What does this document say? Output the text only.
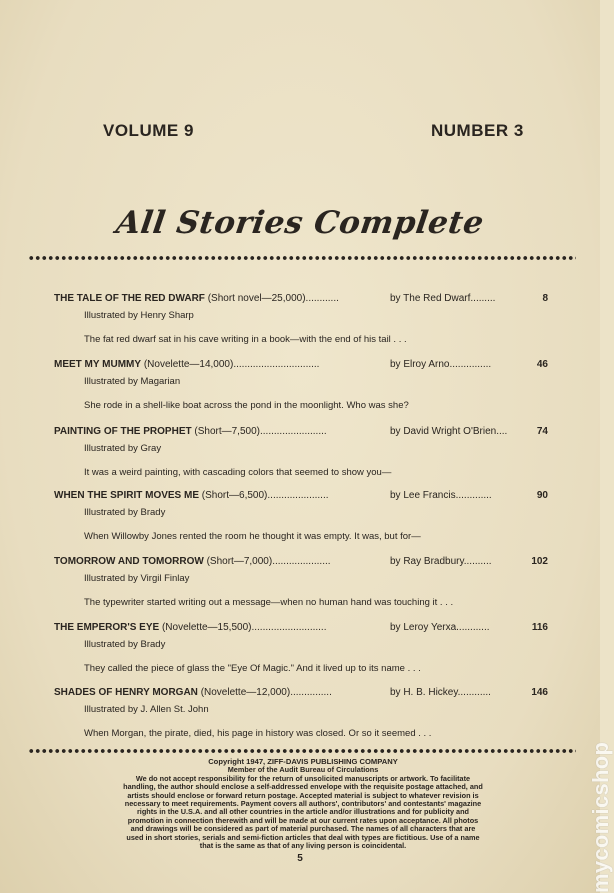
VOLUME 9	NUMBER 3
All Stories Complete
THE TALE OF THE RED DWARF (Short novel—25,000)............	by The Red Dwarf.........	8
Illustrated by Henry Sharp
The fat red dwarf sat in his cave writing in a book—with the end of his tail . . .
MEET MY MUMMY (Novelette—14,000)...............................	by Elroy Arno...............	46
Illustrated by Magarian
She rode in a shell-like boat across the pond in the moonlight. Who was she?
PAINTING OF THE PROPHET (Short—7,500)........................	by David Wright O'Brien....	74
Illustrated by Gray
It was a weird painting, with cascading colors that seemed to show you—
WHEN THE SPIRIT MOVES ME (Short—6,500)......................	by Lee Francis.............	90
Illustrated by Brady
When Willowby Jones rented the room he thought it was empty. It was, but for—
TOMORROW AND TOMORROW (Short—7,000).....................	by Ray Bradbury..........	102
Illustrated by Virgil Finlay
The typewriter started writing out a message—when no human hand was touching it . . .
THE EMPEROR'S EYE (Novelette—15,500)...........................	by Leroy Yerxa............	116
Illustrated by Brady
They called the piece of glass the "Eye Of Magic." And it lived up to its name . . .
SHADES OF HENRY MORGAN (Novelette—12,000)...............	by H. B. Hickey............	146
Illustrated by J. Allen St. John
When Morgan, the pirate, died, his page in history was closed. Or so it seemed . . .

Copyright 1947, ZIFF-DAVIS PUBLISHING COMPANY

Member of the Audit Bureau of Circulations

We do not accept responsibility for the return of unsolicited manuscripts or artwork. To facilitate

handling, the author should enclose a self-addressed envelope with the requisite postage attached, and

artists should enclose or forward return postage. Accepted material is subject to whatever revision is

necessary to meet requirements. Payment covers all authors', contributors' and contestants' magazine

rights in the U.S.A. and all other countries in the article and/or illustrations and for publicity and

promotion in connection therewith and will be made at our current rates upon acceptance. All photos

and drawings will be considered as part of material purchased. The names of all characters that are

used in short stories, serials and semi-fiction articles that deal with types are fictitious. Use of a name

that is the same as that of any living person is coincidental.

5	mycomicshop
